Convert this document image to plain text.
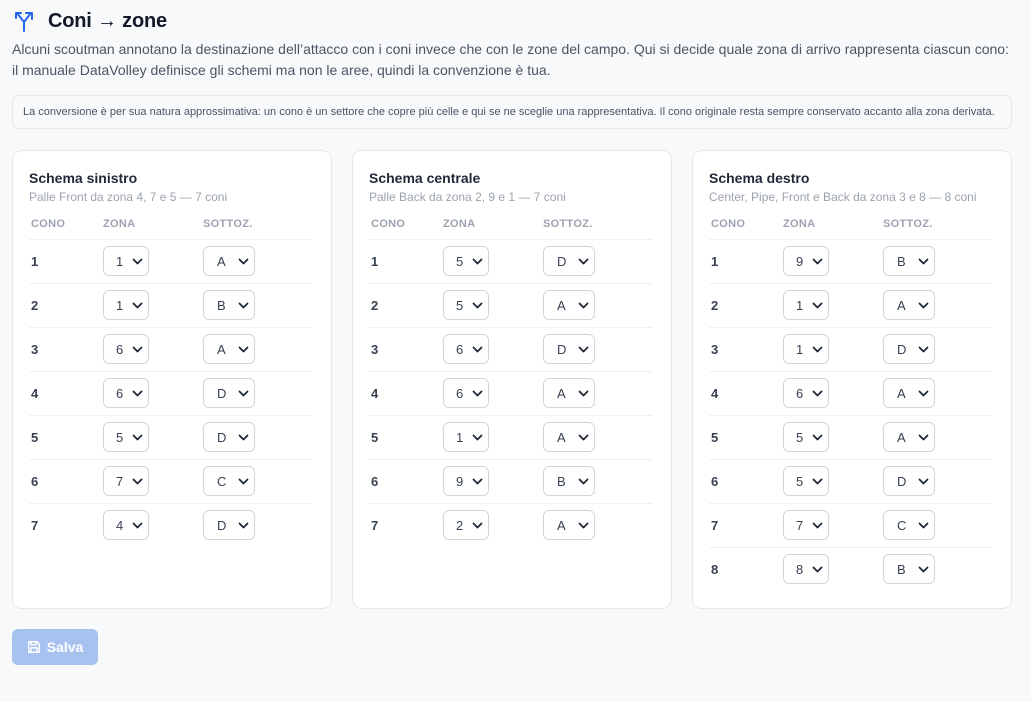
Coni → zone

Alcuni scoutman annotano la destinazione dell’attacco con i coni invece che con le zone del campo. Qui si decide quale zona di arrivo rappresenta ciascun cono: il manuale DataVolley definisce gli schemi ma non le aree, quindi la convenzione è tua.

La conversione è per sua natura approssimativa: un cono è un settore che copre più celle e qui se ne sceglie una rappresentativa. Il cono originale resta sempre conservato accanto alla zona derivata.
Schema sinistro
Palle Front da zona 4, 7 e 5 — 7 coni
CONO	ZONA	SOTTOZ.
1	1	A

2	1	B

3	6	A

4	6	D

5	5	D

6	7	C

7	4	D
Schema centrale
Palle Back da zona 2, 9 e 1 — 7 coni
CONO	ZONA	SOTTOZ.
1	5	D

2	5	A

3	6	D

4	6	A

5	1	A

6	9	B

7	2	A
Schema destro
Center, Pipe, Front e Back da zona 3 e 8 — 8 coni
CONO	ZONA	SOTTOZ.
1	9	B

2	1	A

3	1	D

4	6	A

5	5	A

6	5	D

7	7	C

8	8	B
Salva
